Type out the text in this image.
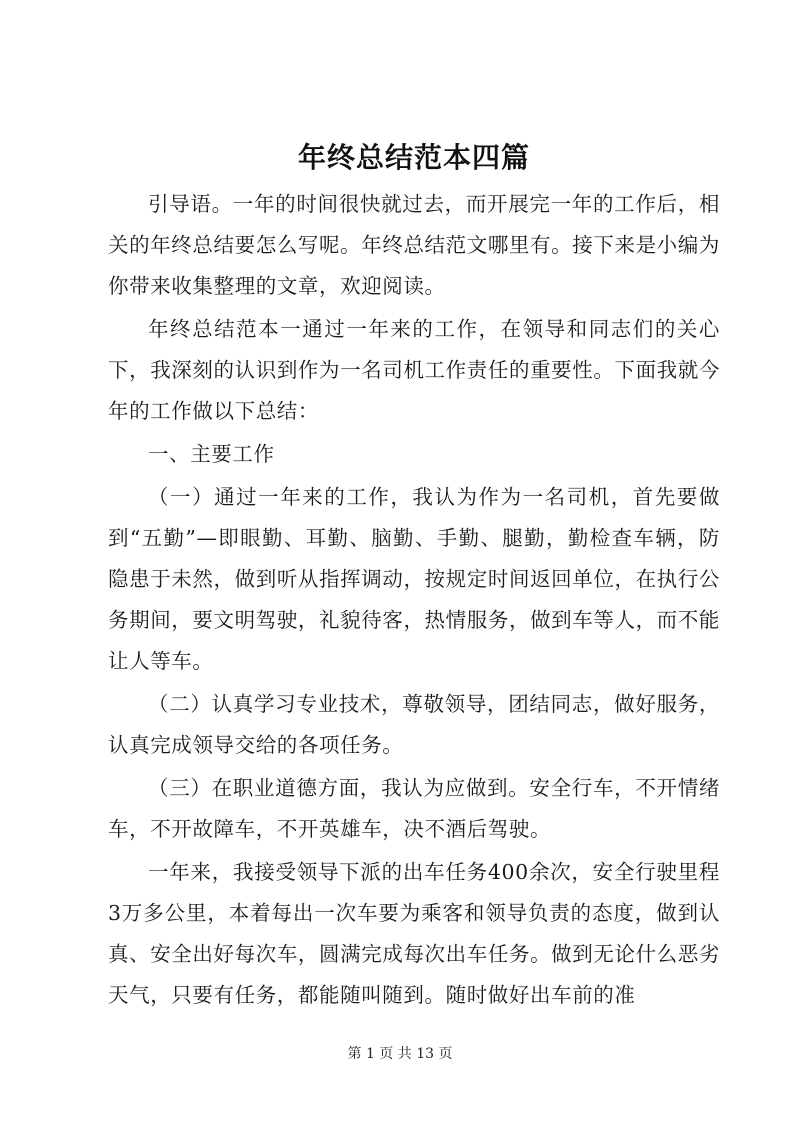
年终总结范本四篇

引导语。一年的时间很快就过去，而开展完一年的工作后，相关的年终总结要怎么写呢。年终总结范文哪里有。接下来是小编为你带来收集整理的文章，欢迎阅读。

年终总结范本一通过一年来的工作，在领导和同志们的关心下，我深刻的认识到作为一名司机工作责任的重要性。下面我就今年的工作做以下总结：

一、主要工作

（一）通过一年来的工作，我认为作为一名司机，首先要做到“五勤”—即眼勤、耳勤、脑勤、手勤、腿勤，勤检查车辆，防隐患于未然，做到听从指挥调动，按规定时间返回单位，在执行公务期间，要文明驾驶，礼貌待客，热情服务，做到车等人，而不能让人等车。

（二）认真学习专业技术，尊敬领导，团结同志，做好服务，认真完成领导交给的各项任务。

（三）在职业道德方面，我认为应做到。安全行车，不开情绪车，不开故障车，不开英雄车，决不酒后驾驶。

一年来，我接受领导下派的出车任务400余次，安全行驶里程3万多公里，本着每出一次车要为乘客和领导负责的态度，做到认真、安全出好每次车，圆满完成每次出车任务。做到无论什么恶劣天气，只要有任务，都能随叫随到。随时做好出车前的准

第 1 页 共 13 页
